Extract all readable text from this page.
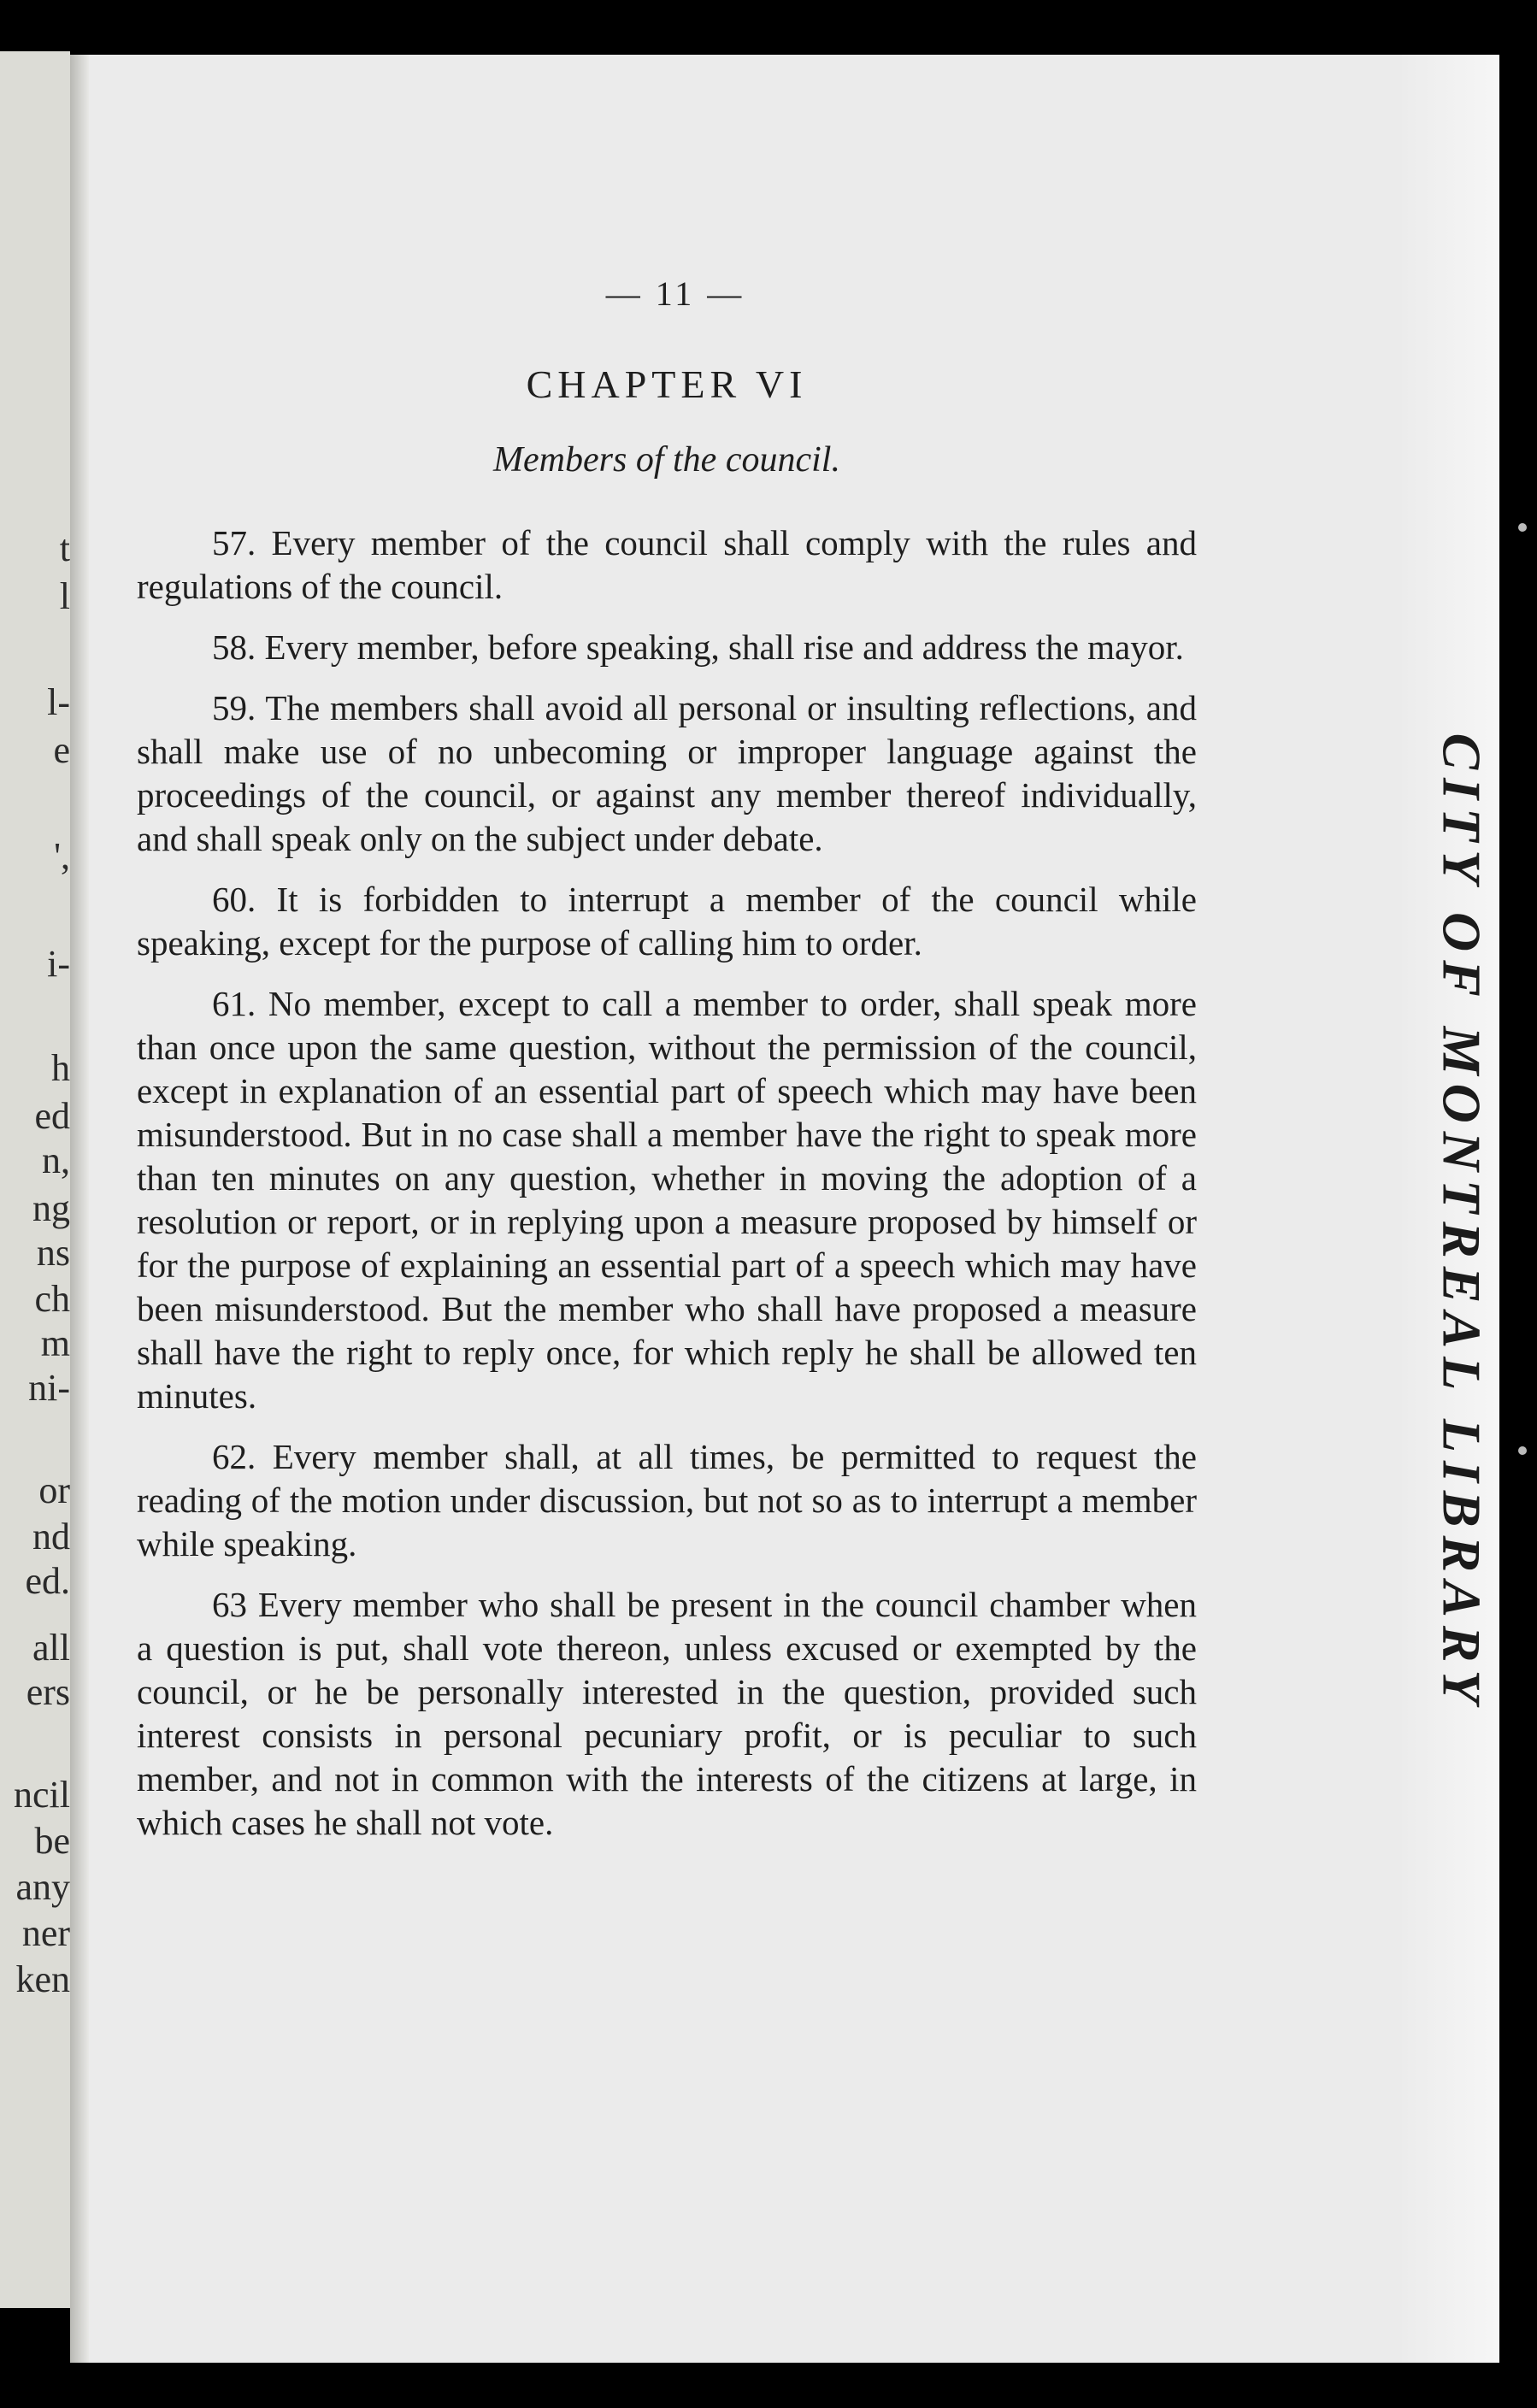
t
l
l-
e
',
i-
h
ed
n,
ng
ns
ch
m
ni-
or
nd
ed.
all
ers
ncil
be
any
ner
ken
CITY OF MONTREAL LIBRARY
— 11 —
CHAPTER VI
Members of the council.

57. Every member of the council shall comply with the rules and regulations of the council.

58. Every member, before speaking, shall rise and address the mayor.

59. The members shall avoid all personal or insulting reflections, and shall make use of no unbecoming or improper language against the proceedings of the council, or against any member thereof individually, and shall speak only on the subject under debate.

60. It is forbidden to interrupt a member of the council while speaking, except for the purpose of calling him to order.

61. No member, except to call a member to order, shall speak more than once upon the same question, without the permission of the council, except in explanation of an essential part of speech which may have been misunderstood. But in no case shall a member have the right to speak more than ten minutes on any question, whether in moving the adoption of a resolution or report, or in replying upon a measure proposed by himself or for the purpose of explaining an essential part of a speech which may have been misunderstood. But the member who shall have proposed a measure shall have the right to reply once, for which reply he shall be allowed ten minutes.

62. Every member shall, at all times, be permitted to request the reading of the motion under discussion, but not so as to interrupt a member while speaking.

63 Every member who shall be present in the council chamber when a question is put, shall vote thereon, unless excused or exempted by the council, or he be personally interested in the question, provided such interest consists in personal pecuniary profit, or is peculiar to such member, and not in common with the interests of the citizens at large, in which cases he shall not vote.
